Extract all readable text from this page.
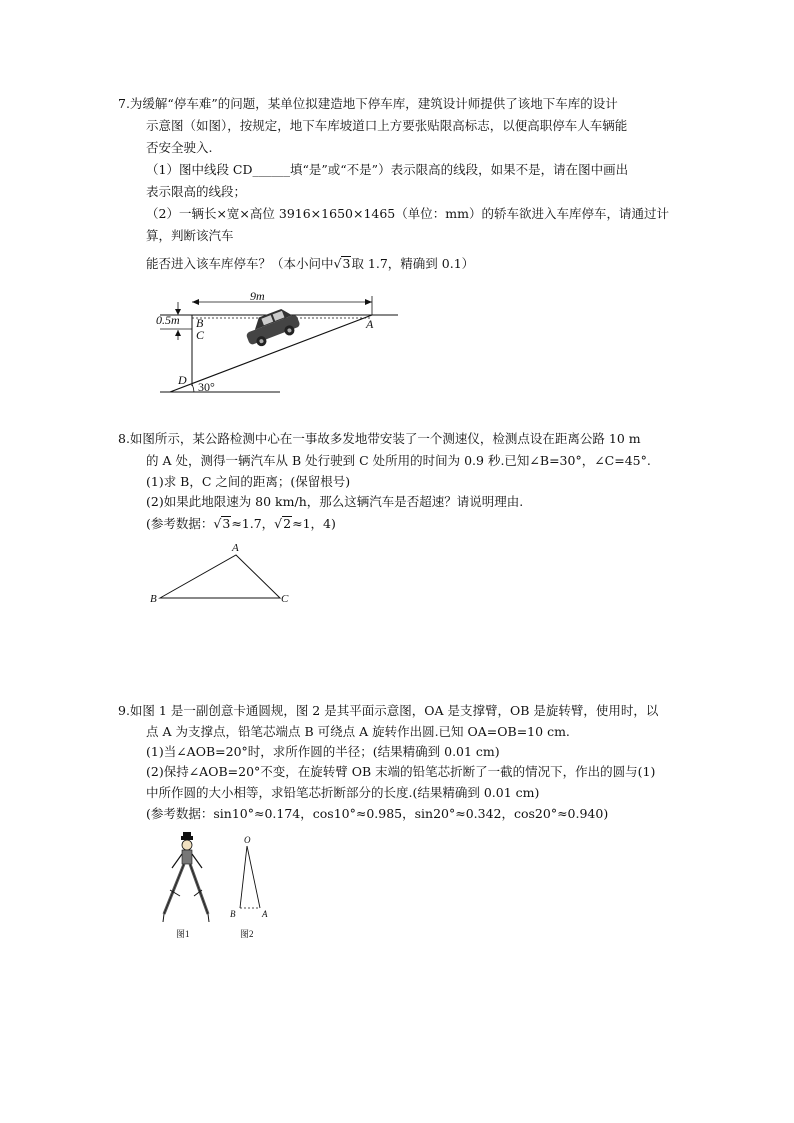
7.为缓解“停车难”的问题，某单位拟建造地下停车库，建筑设计师提供了该地下车库的设计
示意图（如图），按规定，地下车库坡道口上方要张贴限高标志，以便高职停车人车辆能
否安全驶入.
（1）图中线段 CD______填“是”或“不是”）表示限高的线段，如果不是，请在图中画出
表示限高的线段；
（2）一辆长×宽×高位 3916×1650×1465（单位：mm）的轿车欲进入车库停车，请通过计
算，判断该汽车
能否进入该车库停车？（本小问中√3取 1.7，精确到 0.1）
9m
0.5m B
C
A
D 30°
8.如图所示，某公路检测中心在一事故多发地带安装了一个测速仪，检测点设在距离公路 10 m
的 A 处，测得一辆汽车从 B 处行驶到 C 处所用的时间为 0.9 秒.已知∠B=30°，∠C=45°.
(1)求 B，C 之间的距离；(保留根号)
(2)如果此地限速为 80 km/h，那么这辆汽车是否超速？请说明理由.
(参考数据：√3≈1.7，√2≈1，4)
A
B	C
9.如图 1 是一副创意卡通圆规，图 2 是其平面示意图，OA 是支撑臂，OB 是旋转臂，使用时，以
点 A 为支撑点，铅笔芯端点 B 可绕点 A 旋转作出圆.已知 OA=OB=10 cm.
(1)当∠AOB=20°时，求所作圆的半径；(结果精确到 0.01 cm)
(2)保持∠AOB=20°不变，在旋转臂 OB 末端的铅笔芯折断了一截的情况下，作出的圆与(1)
中所作圆的大小相等，求铅笔芯折断部分的长度.(结果精确到 0.01 cm)
(参考数据：sin10°≈0.174，cos10°≈0.985，sin20°≈0.342，cos20°≈0.940)
O
B	A
图1	图2
